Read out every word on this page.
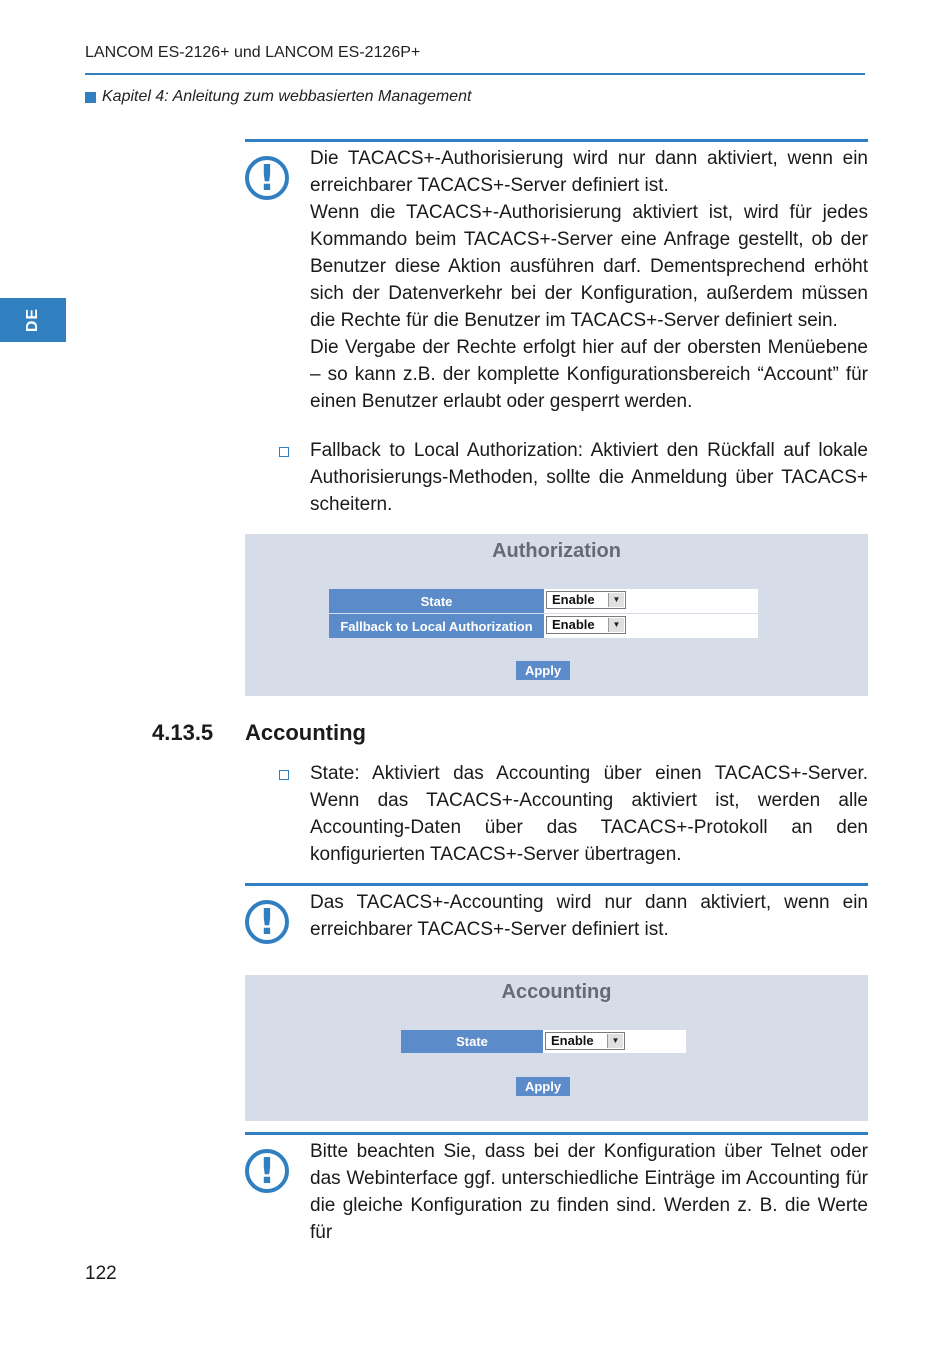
LANCOM ES-2126+ und LANCOM ES-2126P+
Kapitel 4: Anleitung zum webbasierten Management
DE
!	Die TACACS+-Authorisierung wird nur dann aktiviert, wenn ein erreichbarer TACACS+-Server definiert ist.
Wenn die TACACS+-Authorisierung aktiviert ist, wird für jedes Kommando beim TACACS+-Server eine Anfrage gestellt, ob der Benutzer diese Aktion ausführen darf. Dementsprechend erhöht sich der Datenverkehr bei der Konfiguration, außerdem müssen die Rechte für die Benutzer im TACACS+-Server definiert sein.
Die Vergabe der Rechte erfolgt hier auf der obersten Menüebene – so kann z.B. der komplette Konfigurationsbereich “Account” für einen Benutzer erlaubt oder gesperrt werden.
Fallback to Local Authorization: Aktiviert den Rückfall auf lokale Authorisierungs-Methoden, sollte die Anmeldung über TACACS+ scheitern.
Authorization
State	Enable	▼
Fallback to Local Authorization	Enable	▼
Apply
4.13.5 Accounting
State: Aktiviert das Accounting über einen TACACS+-Server. Wenn das TACACS+-Accounting aktiviert ist, werden alle Accounting-Daten über das TACACS+-Protokoll an den konfigurierten TACACS+-Server übertragen.
!	Das TACACS+-Accounting wird nur dann aktiviert, wenn ein erreichbarer TACACS+-Server definiert ist.
Accounting
State	Enable	▼
Apply
!	Bitte beachten Sie, dass bei der Konfiguration über Telnet oder das Webinterface ggf. unterschiedliche Einträge im Accounting für die gleiche Konfiguration zu finden sind. Werden z. B. die Werte für
122
